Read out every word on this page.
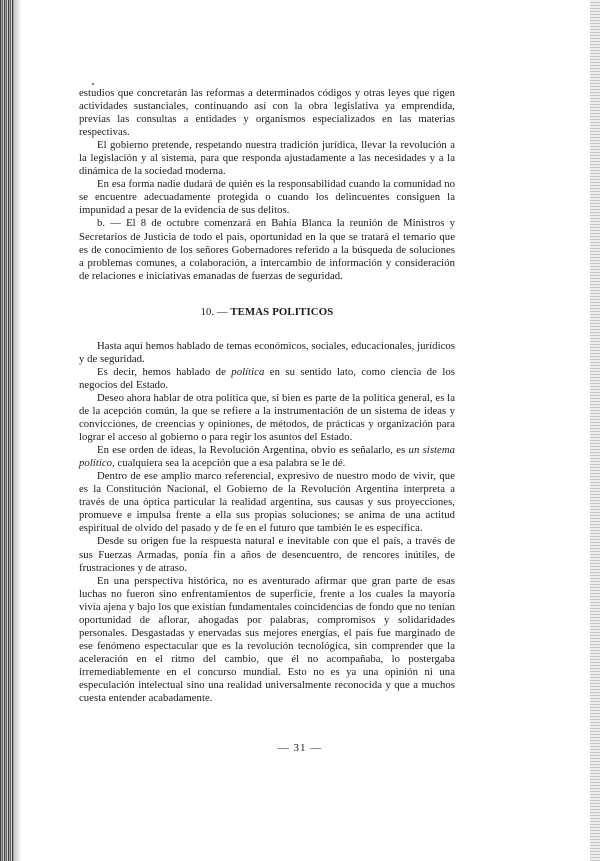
estudios que concretarán las reformas a determinados códigos y otras leyes que rigen actividades sustanciales, continuando así con la obra legislativa ya emprendida, previas las consultas a entidades y organismos especializados en las materias respectivas.

El gobierno pretende, respetando nuestra tradición jurídica, llevar la revolución a la legislación y al sistema, para que responda ajustadamente a las necesidades y a la dinámica de la sociedad moderna.

En esa forma nadie dudará de quién es la responsabilidad cuando la comunidad no se encuentre adecuadamente protegida o cuando los delincuentes consiguen la impunidad a pesar de la evidencia de sus delitos.

b. — El 8 de octubre comenzará en Bahía Blanca la reunión de Ministros y Secretarios de Justicia de todo el país, oportunidad en la que se tratará el temario que es de conocimiento de los señores Gobernadores referido a la búsqueda de soluciones a problemas comunes, a colaboración, a intercambio de información y consideración de relaciones e iniciativas emanadas de fuerzas de seguridad.

10. — TEMAS POLITICOS

Hasta aquí hemos hablado de temas económicos, sociales, educacionales, jurídicos y de seguridad.

Es decir, hemos hablado de política en su sentido lato, como ciencia de los negocios del Estado.

Deseo ahora hablar de otra política que, si bien es parte de la política general, es la de la acepción común, la que se refiere a la instrumentación de un sistema de ideas y convicciones, de creencias y opiniones, de métodos, de prácticas y organización para lograr el acceso al gobierno o para regir los asuntos del Estado.

En ese orden de ideas, la Revolución Argentina, obvio es señalarlo, es un sistema político, cualquiera sea la acepción que a esa palabra se le dé.

Dentro de ese amplio marco referencial, expresivo de nuestro modo de vivir, que es la Constitución Nacional, el Gobierno de la Revolución Argentina interpreta a través de una óptica particular la realidad argentina, sus causas y sus proyecciones, promueve e impulsa frente a ella sus propias soluciones; se anima de una actitud espiritual de olvido del pasado y de fe en el futuro que también le es específica.

Desde su origen fue la respuesta natural e inevitable con que el país, a través de sus Fuerzas Armadas, ponía fin a años de desencuentro, de rencores inútiles, de frustraciones y de atraso.

En una perspectiva histórica, no es aventurado afirmar que gran parte de esas luchas no fueron sino enfrentamientos de superficie, frente a los cuales la mayoría vivía ajena y bajo los que existían fundamentales coincidencias de fondo que no tenían oportunidad de aflorar, ahogadas por palabras, compromisos y solidaridades personales. Desgastadas y enervadas sus mejores energías, el país fue marginado de ese fenómeno espectacular que es la revolución tecnológica, sin comprender que la aceleración en el ritmo del cambio, que él no acompañaba, lo postergaba irremediablemente en el concurso mundial. Esto no es ya una opinión ni una especulación intelectual sino una realidad universalmente reconocida y que a muchos cuesta entender acabadamente.

— 31 —
